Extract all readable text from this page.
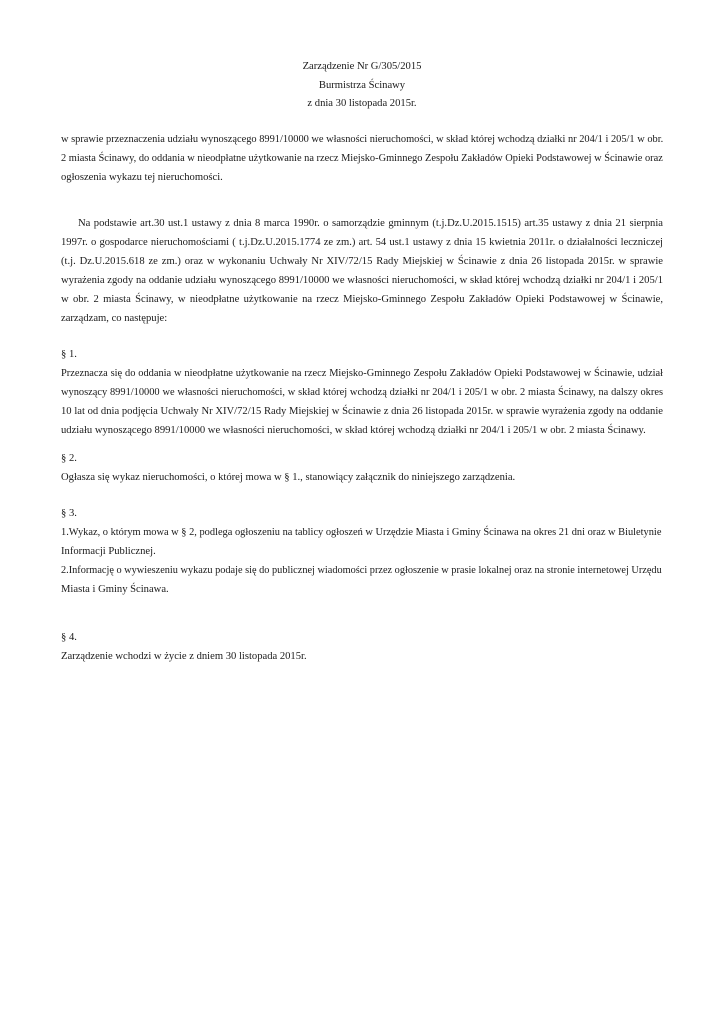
Zarządzenie Nr G/305/2015
Burmistrza Ścinawy
z dnia 30 listopada 2015r.
w sprawie przeznaczenia udziału wynoszącego 8991/10000 we własności nieruchomości, w skład której wchodzą działki nr 204/1 i 205/1 w obr.
2 miasta Ścinawy, do oddania w nieodpłatne użytkowanie na rzecz Miejsko-Gminnego Zespołu Zakładów Opieki Podstawowej w Ścinawie oraz
ogłoszenia wykazu tej nieruchomości.
Na podstawie art.30 ust.1 ustawy z dnia 8 marca 1990r. o samorządzie gminnym (t.j.Dz.U.2015.1515) art.35 ustawy z dnia 21 sierpnia
1997r. o gospodarce nieruchomościami ( t.j.Dz.U.2015.1774 ze zm.) art. 54 ust.1 ustawy z dnia 15 kwietnia 2011r. o działalności leczniczej
(t.j. Dz.U.2015.618 ze zm.) oraz w wykonaniu Uchwały Nr XIV/72/15 Rady Miejskiej w Ścinawie z dnia 26 listopada 2015r. w sprawie
wyrażenia zgody na oddanie udziału wynoszącego 8991/10000 we własności nieruchomości, w skład której wchodzą działki nr 204/1 i 205/1
w obr. 2 miasta Ścinawy, w nieodpłatne użytkowanie na rzecz Miejsko-Gminnego Zespołu Zakładów Opieki Podstawowej w Ścinawie,
zarządzam, co następuje:
§ 1.
Przeznacza się do oddania w nieodpłatne użytkowanie na rzecz Miejsko-Gminnego Zespołu Zakładów Opieki Podstawowej w Ścinawie, udział
wynoszący 8991/10000 we własności nieruchomości, w skład której wchodzą działki nr 204/1 i 205/1 w obr. 2 miasta Ścinawy, na dalszy okres
10 lat od dnia podjęcia Uchwały Nr XIV/72/15 Rady Miejskiej w Ścinawie z dnia 26 listopada 2015r. w sprawie wyrażenia zgody na oddanie
udziału wynoszącego 8991/10000 we własności nieruchomości, w skład której wchodzą działki nr 204/1 i 205/1 w obr. 2 miasta Ścinawy.
§ 2.
Ogłasza się wykaz nieruchomości, o której mowa w § 1., stanowiący załącznik do niniejszego zarządzenia.
§ 3.
1.Wykaz, o którym mowa w § 2, podlega ogłoszeniu na tablicy ogłoszeń w Urzędzie Miasta i Gminy Ścinawa na okres 21 dni oraz w Biuletynie
Informacji Publicznej.
2.Informację o wywieszeniu wykazu podaje się do publicznej wiadomości przez ogłoszenie w prasie lokalnej oraz na stronie internetowej Urzędu
Miasta i Gminy Ścinawa.
§ 4.
Zarządzenie wchodzi w życie z dniem 30 listopada 2015r.
